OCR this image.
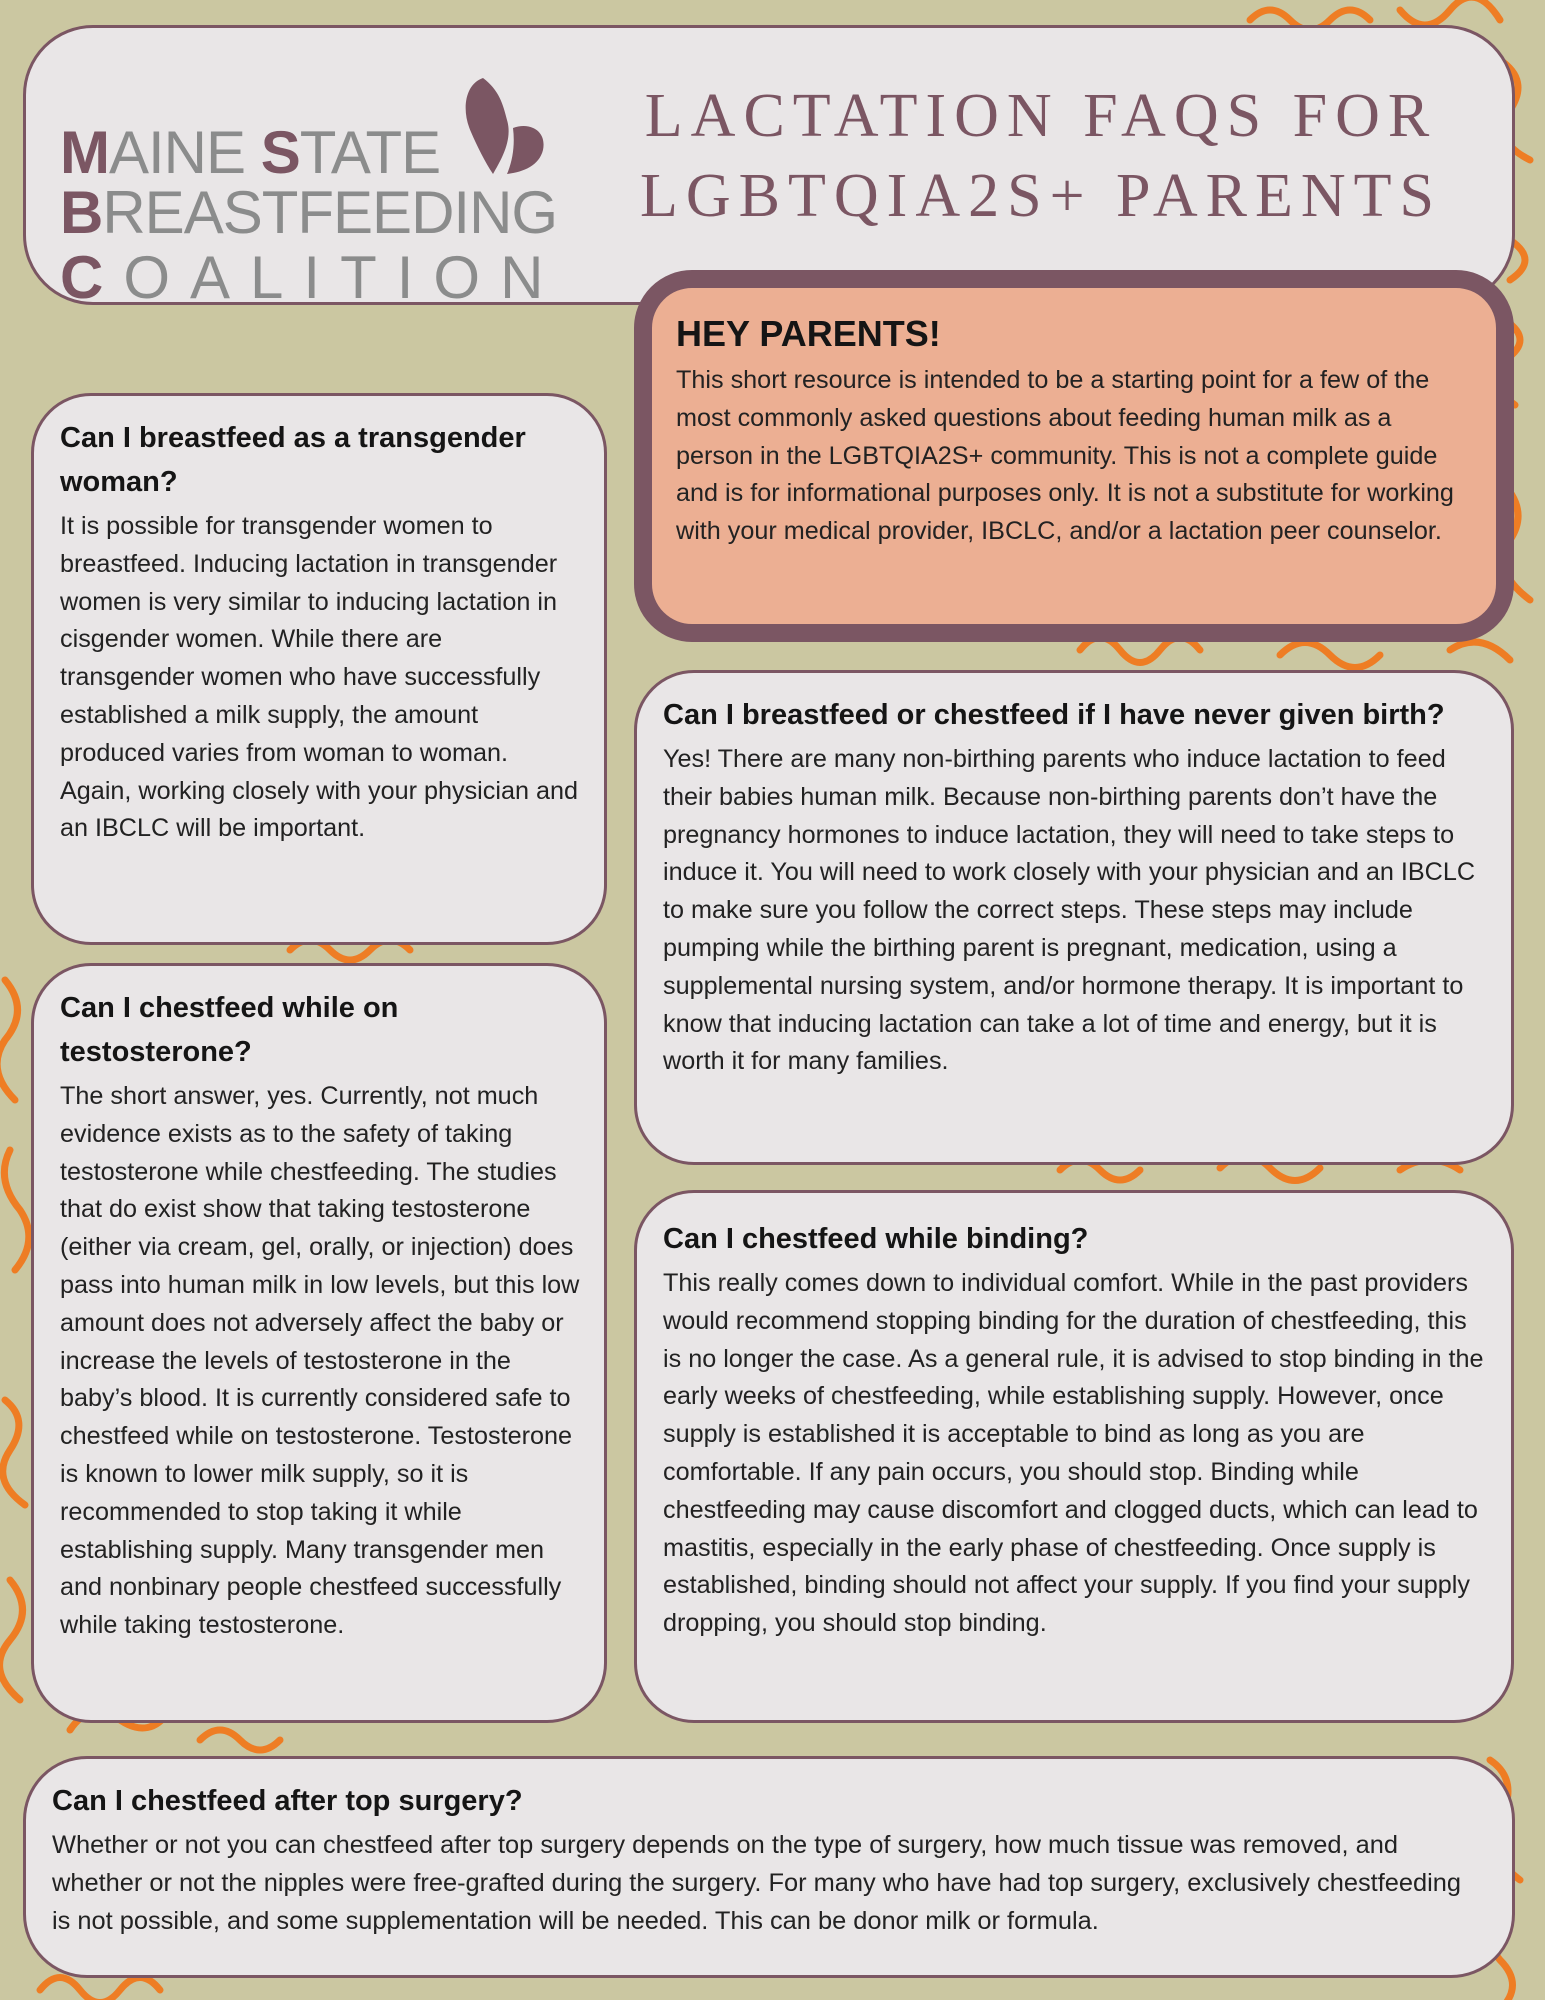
MAINE STATE
BREASTFEEDING
COALITION
LACTATION FAQS FOR
LGBTQIA2S+ PARENTS
HEY PARENTS!

This short resource is intended to be a starting point for a few of the most commonly asked questions about feeding human milk as a person in the LGBTQIA2S+ community. This is not a complete guide and is for informational purposes only. It is not a substitute for working with your medical provider, IBCLC, and/or a lactation peer counselor.

Can I breastfeed as a transgender woman?

It is possible for transgender women to breastfeed. Inducing lactation in transgender women is very similar to inducing lactation in cisgender women. While there are transgender women who have successfully established a milk supply, the amount produced varies from woman to woman. Again, working closely with your physician and an IBCLC will be important.

Can I breastfeed or chestfeed if I have never given birth?

Yes! There are many non-birthing parents who induce lactation to feed their babies human milk. Because non-birthing parents don’t have the pregnancy hormones to induce lactation, they will need to take steps to induce it. You will need to work closely with your physician and an IBCLC to make sure you follow the correct steps. These steps may include pumping while the birthing parent is pregnant, medication, using a supplemental nursing system, and/or hormone therapy. It is important to know that inducing lactation can take a lot of time and energy, but it is worth it for many families.

Can I chestfeed while on testosterone?

The short answer, yes. Currently, not much evidence exists as to the safety of taking testosterone while chestfeeding. The studies that do exist show that taking testosterone (either via cream, gel, orally, or injection) does pass into human milk in low levels, but this low amount does not adversely affect the baby or increase the levels of testosterone in the baby’s blood. It is currently considered safe to chestfeed while on testosterone. Testosterone is known to lower milk supply, so it is recommended to stop taking it while establishing supply. Many transgender men and nonbinary people chestfeed successfully while taking testosterone.

Can I chestfeed while binding?

This really comes down to individual comfort. While in the past providers would recommend stopping binding for the duration of chestfeeding, this is no longer the case. As a general rule, it is advised to stop binding in the early weeks of chestfeeding, while establishing supply. However, once supply is established it is acceptable to bind as long as you are comfortable. If any pain occurs, you should stop. Binding while chestfeeding may cause discomfort and clogged ducts, which can lead to mastitis, especially in the early phase of chestfeeding. Once supply is established, binding should not affect your supply. If you find your supply dropping, you should stop binding.

Can I chestfeed after top surgery?

Whether or not you can chestfeed after top surgery depends on the type of surgery, how much tissue was removed, and whether or not the nipples were free-grafted during the surgery. For many who have had top surgery, exclusively chestfeeding is not possible, and some supplementation will be needed. This can be donor milk or formula.
